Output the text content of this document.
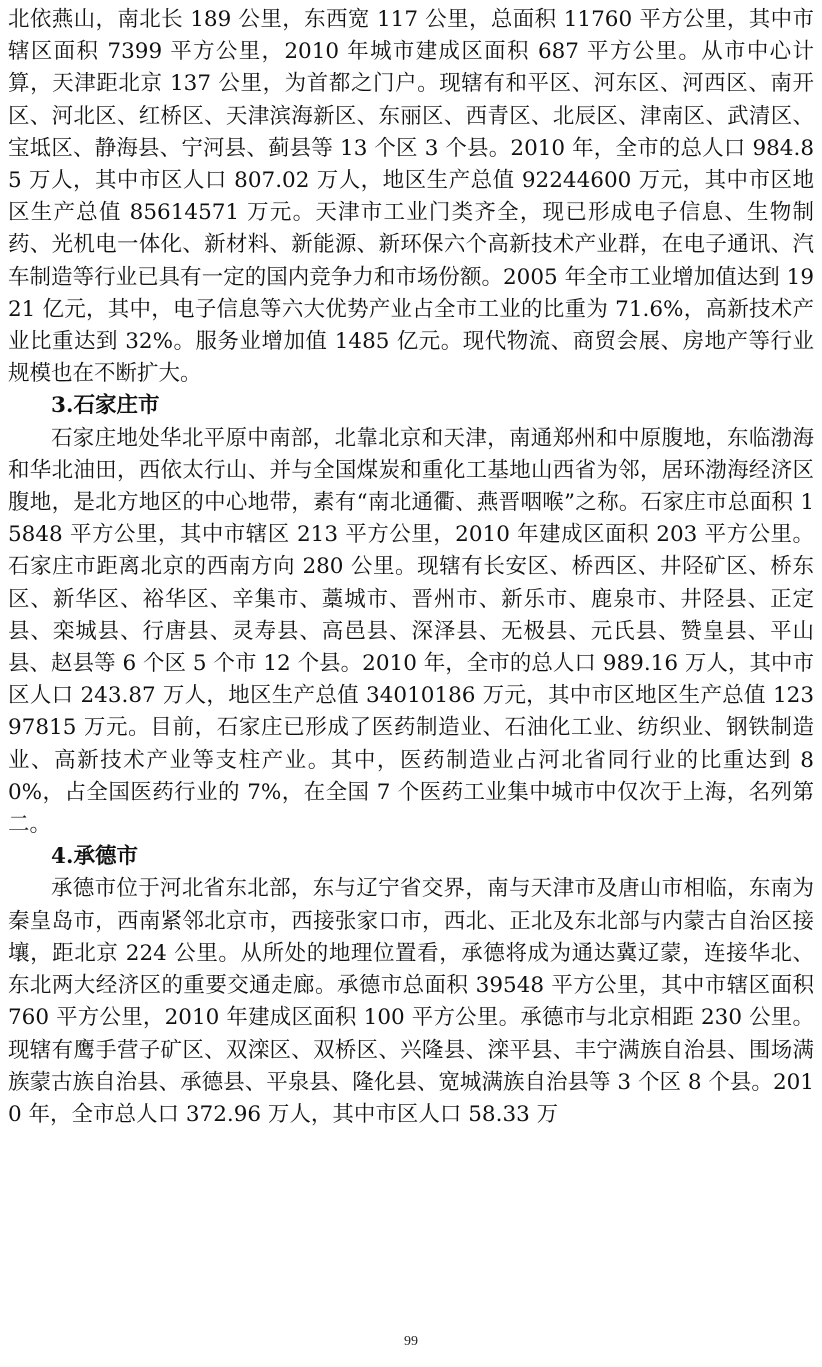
北依燕山，南北长 189 公里，东西宽 117 公里，总面积 11760 平方公里，其中市辖区面积 7399 平方公里，2010 年城市建成区面积 687 平方公里。从市中心计算，天津距北京 137 公里，为首都之门户。现辖有和平区、河东区、河西区、南开区、河北区、红桥区、天津滨海新区、东丽区、西青区、北辰区、津南区、武清区、宝坻区、静海县、宁河县、蓟县等 13 个区 3 个县。2010 年，全市的总人口 984.85 万人，其中市区人口 807.02 万人，地区生产总值 92244600 万元，其中市区地区生产总值 85614571 万元。天津市工业门类齐全，现已形成电子信息、生物制药、光机电一体化、新材料、新能源、新环保六个高新技术产业群，在电子通讯、汽车制造等行业已具有一定的国内竞争力和市场份额。2005 年全市工业增加值达到 1921 亿元，其中，电子信息等六大优势产业占全市工业的比重为 71.6%，高新技术产业比重达到 32%。服务业增加值 1485 亿元。现代物流、商贸会展、房地产等行业规模也在不断扩大。

3.石家庄市

石家庄地处华北平原中南部，北靠北京和天津，南通郑州和中原腹地，东临渤海和华北油田，西依太行山、并与全国煤炭和重化工基地山西省为邻，居环渤海经济区腹地，是北方地区的中心地带，素有“南北通衢、燕晋咽喉”之称。石家庄市总面积 15848 平方公里，其中市辖区 213 平方公里，2010 年建成区面积 203 平方公里。石家庄市距离北京的西南方向 280 公里。现辖有长安区、桥西区、井陉矿区、桥东区、新华区、裕华区、辛集市、藁城市、晋州市、新乐市、鹿泉市、井陉县、正定县、栾城县、行唐县、灵寿县、高邑县、深泽县、无极县、元氏县、赞皇县、平山县、赵县等 6 个区 5 个市 12 个县。2010 年，全市的总人口 989.16 万人，其中市区人口 243.87 万人，地区生产总值 34010186 万元，其中市区地区生产总值 12397815 万元。目前，石家庄已形成了医药制造业、石油化工业、纺织业、钢铁制造业、高新技术产业等支柱产业。其中，医药制造业占河北省同行业的比重达到 80%，占全国医药行业的 7%，在全国 7 个医药工业集中城市中仅次于上海，名列第二。

4.承德市

承德市位于河北省东北部，东与辽宁省交界，南与天津市及唐山市相临，东南为秦皇岛市，西南紧邻北京市，西接张家口市，西北、正北及东北部与内蒙古自治区接壤，距北京 224 公里。从所处的地理位置看，承德将成为通达冀辽蒙，连接华北、东北两大经济区的重要交通走廊。承德市总面积 39548 平方公里，其中市辖区面积 760 平方公里，2010 年建成区面积 100 平方公里。承德市与北京相距 230 公里。现辖有鹰手营子矿区、双滦区、双桥区、兴隆县、滦平县、丰宁满族自治县、围场满族蒙古族自治县、承德县、平泉县、隆化县、宽城满族自治县等 3 个区 8 个县。2010 年，全市总人口 372.96 万人，其中市区人口 58.33 万

99
